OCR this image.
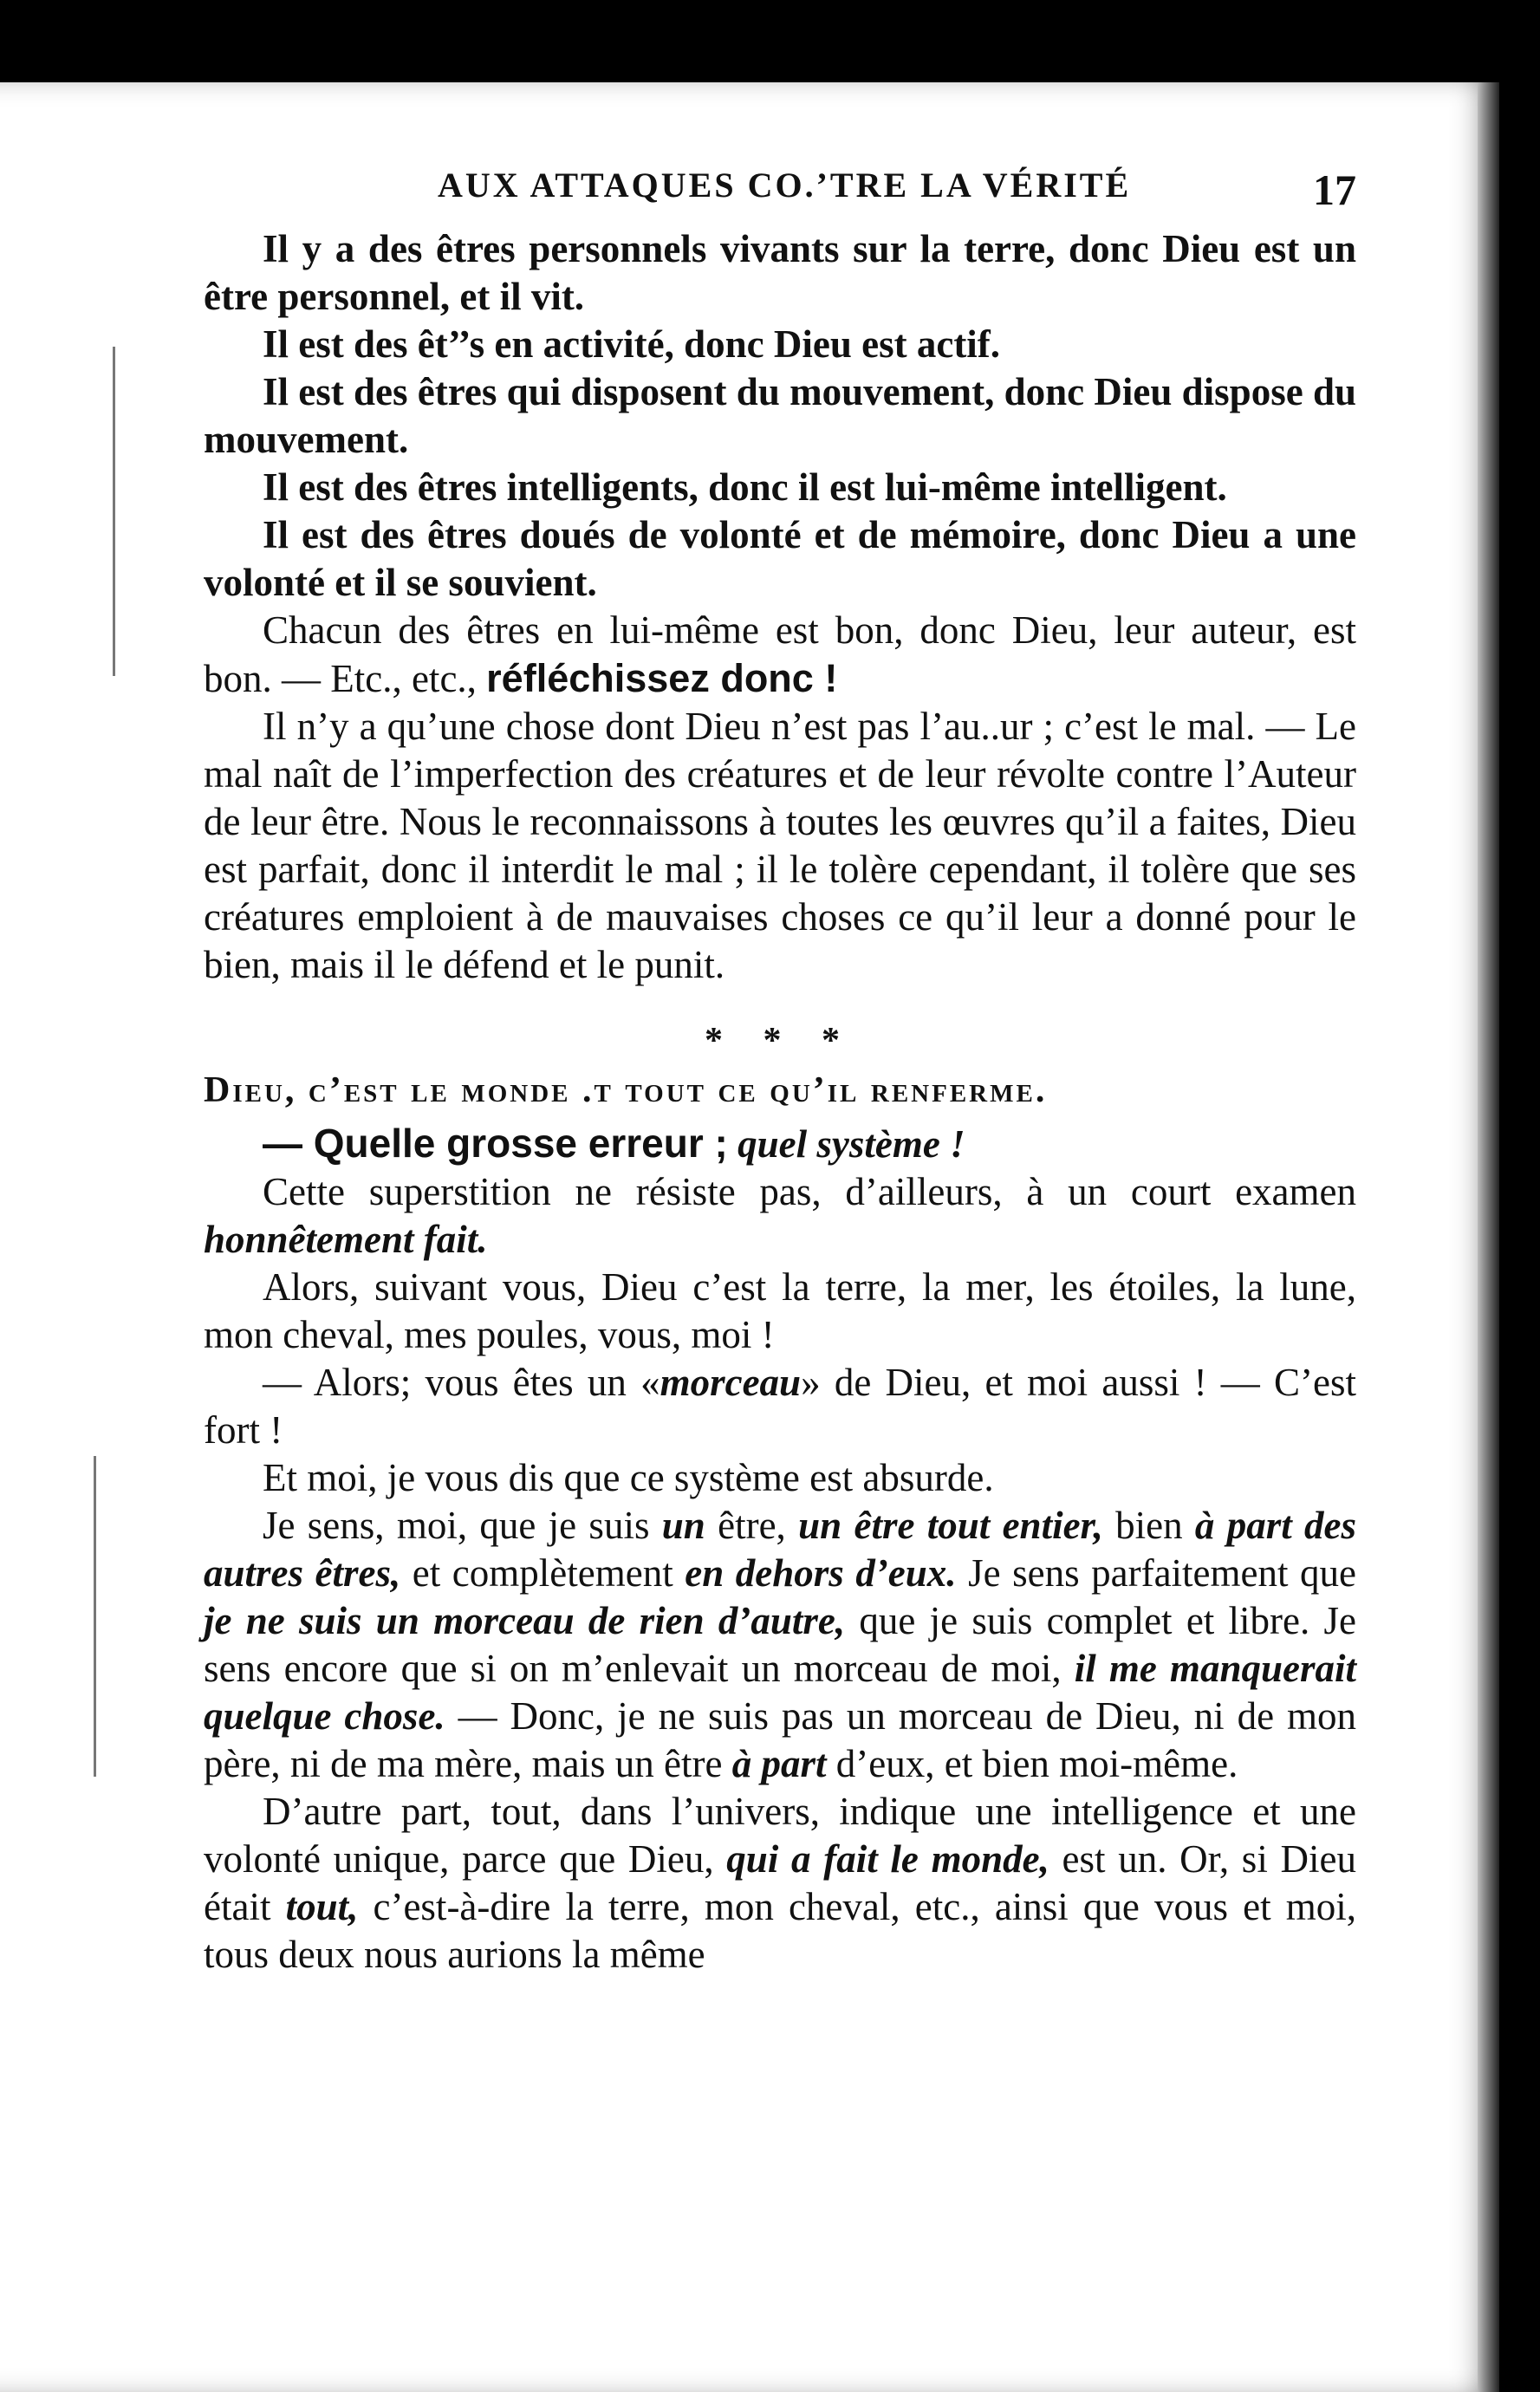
AUX ATTAQUES CO.’TRE LA VÉRITÉ	17

Il y a des êtres personnels vivants sur la terre, donc Dieu est un être personnel, et il vit.

Il est des êt’’s en activité, donc Dieu est actif.

Il est des êtres qui disposent du mouvement, donc Dieu dispose du mouvement.

Il est des êtres intelligents, donc il est lui-même intelligent.

Il est des êtres doués de volonté et de mémoire, donc Dieu a une volonté et il se souvient.

Chacun des êtres en lui-même est bon, donc Dieu, leur auteur, est bon. — Etc., etc., réfléchissez donc !

Il n’y a qu’une chose dont Dieu n’est pas l’au..ur ; c’est le mal. — Le mal naît de l’imperfection des créatures et de leur révolte contre l’Auteur de leur être. Nous le reconnaissons à toutes les œuvres qu’il a faites, Dieu est parfait, donc il interdit le mal ; il le tolère cependant, il tolère que ses créatures emploient à de mauvaises choses ce qu’il leur a donné pour le bien, mais il le défend et le punit.

* * *

Dieu, c’est le monde .t tout ce qu’il renferme.

— Quelle grosse erreur ; quel système !

Cette superstition ne résiste pas, d’ailleurs, à un court examen honnêtement fait.

Alors, suivant vous, Dieu c’est la terre, la mer, les étoiles, la lune, mon cheval, mes poules, vous, moi !

— Alors; vous êtes un «morceau» de Dieu, et moi aussi ! — C’est fort !

Et moi, je vous dis que ce système est absurde.

Je sens, moi, que je suis un être, un être tout entier, bien à part des autres êtres, et complètement en dehors d’eux. Je sens parfaitement que je ne suis un morceau de rien d’autre, que je suis complet et libre. Je sens encore que si on m’enlevait un morceau de moi, il me manquerait quelque chose. — Donc, je ne suis pas un morceau de Dieu, ni de mon père, ni de ma mère, mais un être à part d’eux, et bien moi-même.

D’autre part, tout, dans l’univers, indique une intelligence et une volonté unique, parce que Dieu, qui a fait le monde, est un. Or, si Dieu était tout, c’est-à-dire la terre, mon cheval, etc., ainsi que vous et moi, tous deux nous aurions la même
